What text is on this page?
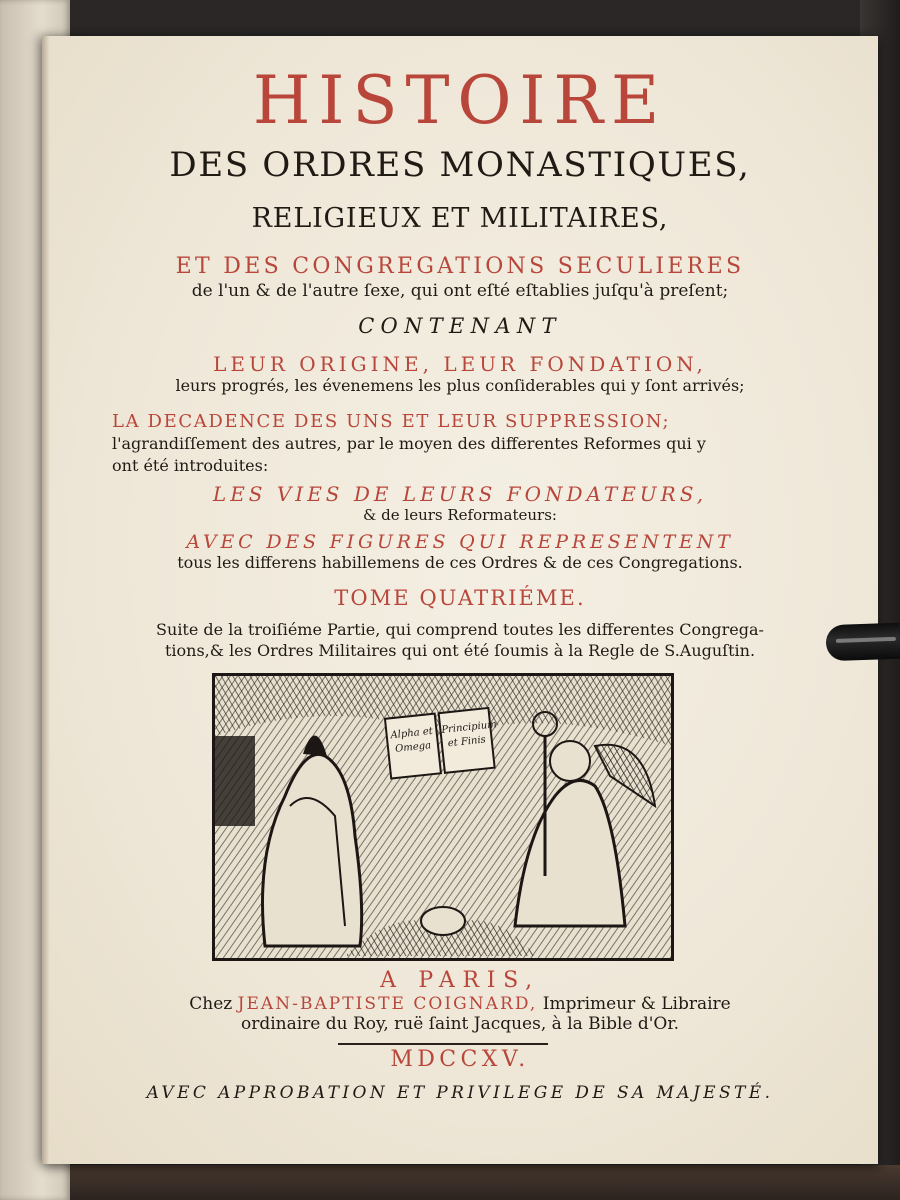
HISTOIRE
DES ORDRES MONASTIQUES,
RELIGIEUX ET MILITAIRES,
ET DES CONGREGATIONS SECULIERES
de l'un & de l'autre ſexe, qui ont eſté eſtablies juſqu'à preſent;
CONTENANT
LEUR ORIGINE, LEUR FONDATION,
leurs progrés, les évenemens les plus conſiderables qui y ſont arrivés;
LA DECADENCE DES UNS ET LEUR SUPPRESSION;
l'agrandiſſement des autres, par le moyen des differentes Reformes qui y
ont été introduites:
LES VIES DE LEURS FONDATEURS,
& de leurs Reformateurs:
AVEC DES FIGURES QUI REPRESENTENT
tous les differens habillemens de ces Ordres & de ces Congregations.
TOME QUATRIÉME.
Suite de la troiſiéme Partie, qui comprend toutes les differentes Congrega-
tions,& les Ordres Militaires qui ont été ſoumis à la Regle de S.Auguſtin.
Alpha et Omega
Principium et Finis
A PARIS,
Chez JEAN-BAPTISTE COIGNARD, Imprimeur & Libraire
ordinaire du Roy, ruë ſaint Jacques, à la Bible d'Or.
MDCCXV.
AVEC APPROBATION ET PRIVILEGE DE SA MAJESTÉ.
